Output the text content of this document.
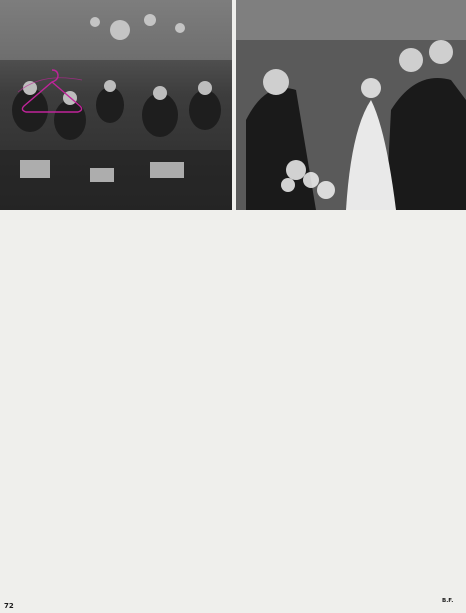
72
B.F.
